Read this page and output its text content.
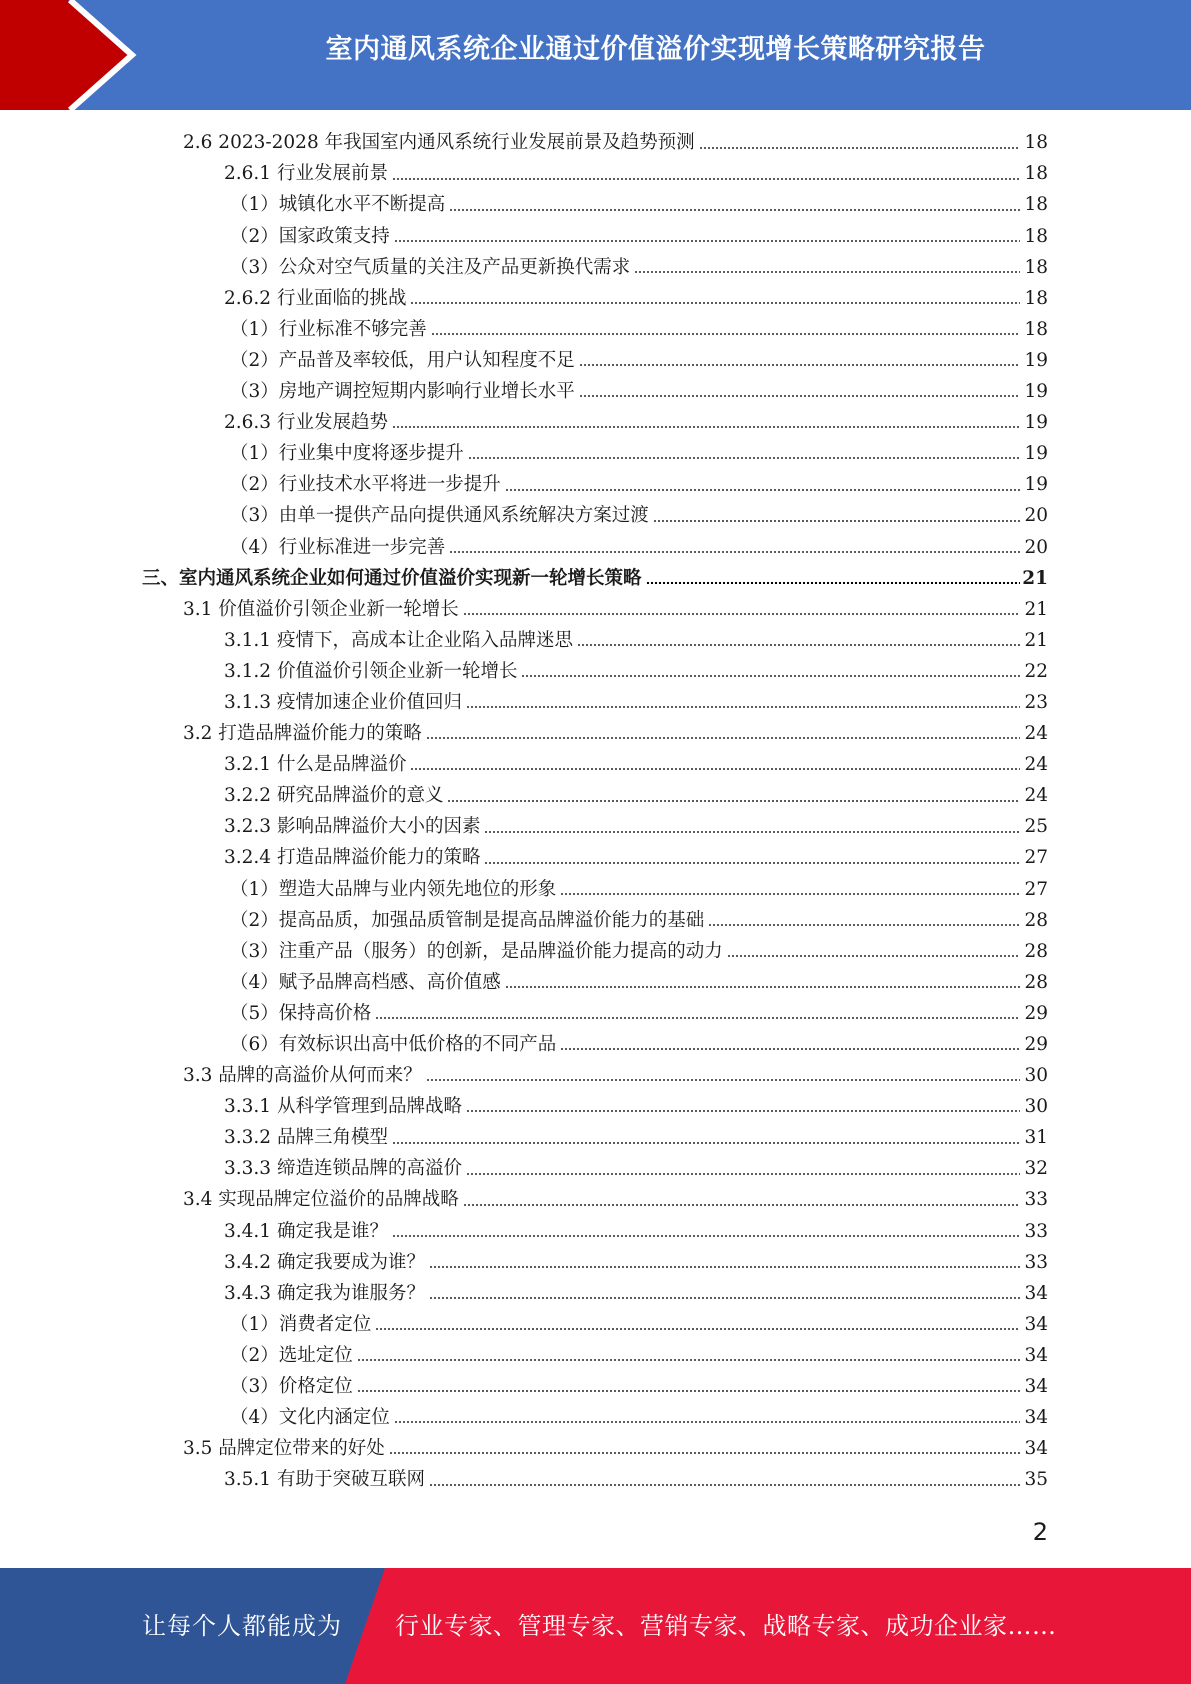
室内通风系统企业通过价值溢价实现增长策略研究报告
2.6 2023-2028 年我国室内通风系统行业发展前景及趋势预测	18
2.6.1 行业发展前景	18
（1）城镇化水平不断提高	18
（2）国家政策支持	18
（3）公众对空气质量的关注及产品更新换代需求	18
2.6.2 行业面临的挑战	18
（1）行业标准不够完善	18
（2）产品普及率较低，用户认知程度不足	19
（3）房地产调控短期内影响行业增长水平	19
2.6.3 行业发展趋势	19
（1）行业集中度将逐步提升	19
（2）行业技术水平将进一步提升	19
（3）由单一提供产品向提供通风系统解决方案过渡	20
（4）行业标准进一步完善	20
三、室内通风系统企业如何通过价值溢价实现新一轮增长策略	21
3.1 价值溢价引领企业新一轮增长	21
3.1.1 疫情下，高成本让企业陷入品牌迷思	21
3.1.2 价值溢价引领企业新一轮增长	22
3.1.3 疫情加速企业价值回归	23
3.2 打造品牌溢价能力的策略	24
3.2.1 什么是品牌溢价	24
3.2.2 研究品牌溢价的意义	24
3.2.3 影响品牌溢价大小的因素	25
3.2.4 打造品牌溢价能力的策略	27
（1）塑造大品牌与业内领先地位的形象	27
（2）提高品质，加强品质管制是提高品牌溢价能力的基础	28
（3）注重产品（服务）的创新，是品牌溢价能力提高的动力	28
（4）赋予品牌高档感、高价值感	28
（5）保持高价格	29
（6）有效标识出高中低价格的不同产品	29
3.3 品牌的高溢价从何而来？	30
3.3.1 从科学管理到品牌战略	30
3.3.2 品牌三角模型	31
3.3.3 缔造连锁品牌的高溢价	32
3.4 实现品牌定位溢价的品牌战略	33
3.4.1 确定我是谁？	33
3.4.2 确定我要成为谁？	33
3.4.3 确定我为谁服务？	34
（1）消费者定位	34
（2）选址定位	34
（3）价格定位	34
（4）文化内涵定位	34
3.5 品牌定位带来的好处	34
3.5.1 有助于突破互联网	35
2
让每个人都能成为 行业专家、管理专家、营销专家、战略专家、成功企业家……
